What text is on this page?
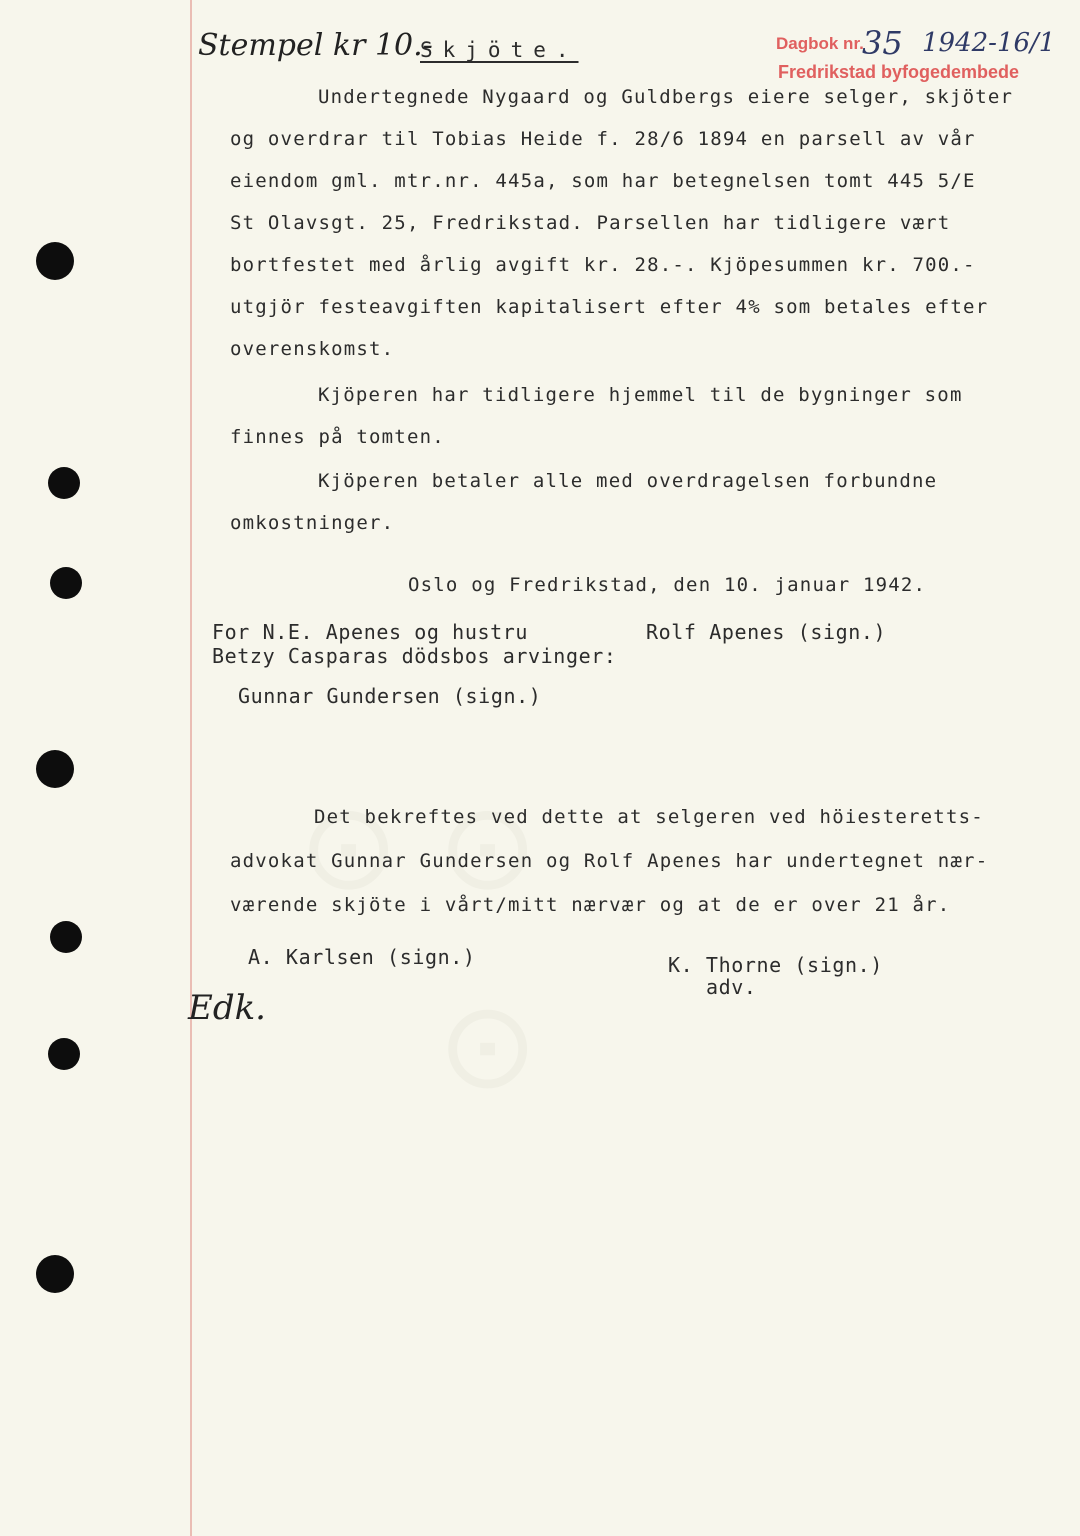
⊙ ⊙ ⊙
Stempel kr 10.-
Skjöte.	Dagbok nr.
35 1942-16/1
Fredrikstad byfogedembede
Undertegnede Nygaard og Guldbergs eiere selger, skjöter
og overdrar til Tobias Heide f. 28/6 1894 en parsell av vår
eiendom gml. mtr.nr. 445a, som har betegnelsen tomt 445 5/E
St Olavsgt. 25, Fredrikstad. Parsellen har tidligere vært
bortfestet med årlig avgift kr. 28.-. Kjöpesummen kr. 700.-
utgjör festeavgiften kapitalisert efter 4% som betales efter
overenskomst.
Kjöperen har tidligere hjemmel til de bygninger som
finnes på tomten.
Kjöperen betaler alle med overdragelsen forbundne
omkostninger.
Oslo og Fredrikstad, den 10. januar 1942.
For N.E. Apenes og hustru
Betzy Casparas dödsbos arvinger:
Rolf Apenes (sign.)
Gunnar Gundersen (sign.)
Det bekreftes ved dette at selgeren ved höiesteretts-
advokat Gunnar Gundersen og Rolf Apenes har undertegnet nær-
værende skjöte i vårt/mitt nærvær og at de er over 21 år.
A. Karlsen (sign.)	K. Thorne (sign.)
adv.
Edk.
